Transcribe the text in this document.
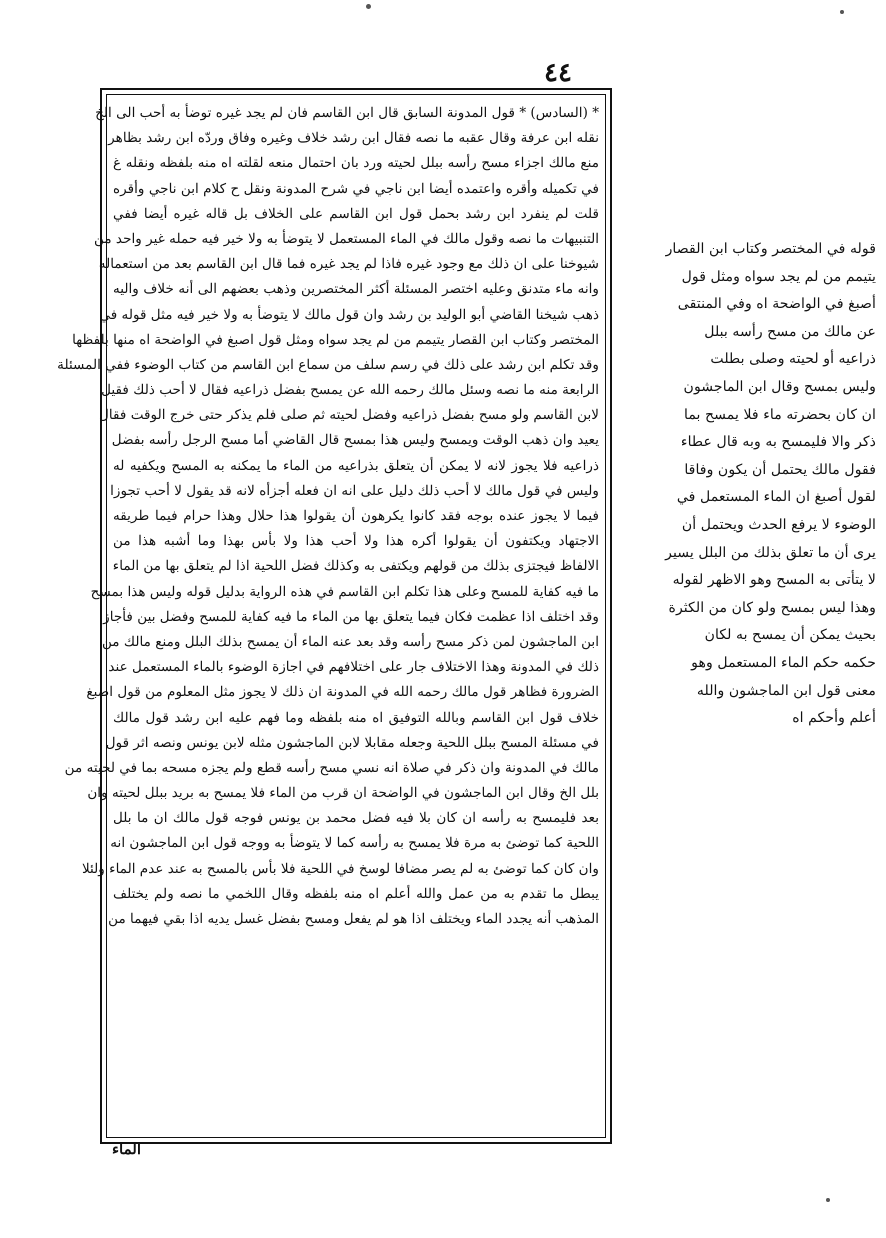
٤٤
* (السادس) * قول المدونة السابق قال ابن القاسم فان لم يجد غيره توضأ به أحب الى الخ
نقله ابن عرفة وقال عقبه ما نصه فقال ابن رشد خلاف وغيره وفاق وردّه ابن رشد بظاهر
منع مالك اجزاء مسح رأسه ببلل لحيته ورد بان احتمال منعه لقلته اه منه بلفظه ونقله غ
في تكميله وأقره واعتمده أيضا ابن ناجي في شرح المدونة ونقل ح كلام ابن ناجي وأقره
قلت لم ينفرد ابن رشد بحمل قول ابن القاسم على الخلاف بل قاله غيره أيضا ففي
التنبيهات ما نصه وقول مالك في الماء المستعمل لا يتوضأ به ولا خير فيه حمله غير واحد من
شيوخنا على ان ذلك مع وجود غيره فاذا لم يجد غيره فما قال ابن القاسم بعد من استعماله
وانه ماء متدنق وعليه اختصر المسئلة أكثر المختصرين وذهب بعضهم الى أنه خلاف واليه
ذهب شيخنا القاضي أبو الوليد بن رشد وان قول مالك لا يتوضأ به ولا خير فيه مثل قوله في
المختصر وكتاب ابن القصار يتيمم من لم يجد سواه ومثل قول اصبغ في الواضحة اه منها بلفظها
وقد تكلم ابن رشد على ذلك في رسم سلف من سماع ابن القاسم من كتاب الوضوء ففي المسئلة
الرابعة منه ما نصه وسئل مالك رحمه الله عن يمسح بفضل ذراعيه فقال لا أحب ذلك فقيل
لابن القاسم ولو مسح بفضل ذراعيه وفضل لحيته ثم صلى فلم يذكر حتى خرج الوقت فقال
يعيد وان ذهب الوقت ويمسح وليس هذا بمسح قال القاضي أما مسح الرجل رأسه بفضل
ذراعيه فلا يجوز لانه لا يمكن أن يتعلق بذراعيه من الماء ما يمكنه به المسح ويكفيه له
وليس في قول مالك لا أحب ذلك دليل على انه ان فعله أجزأه لانه قد يقول لا أحب تجوزا
فيما لا يجوز عنده بوجه فقد كانوا يكرهون أن يقولوا هذا حلال وهذا حرام فيما طريقه
الاجتهاد ويكتفون أن يقولوا أكره هذا ولا أحب هذا ولا بأس بهذا وما أشبه هذا من
الالفاظ فيجتزى بذلك من قولهم ويكتفى به وكذلك فضل اللحية اذا لم يتعلق بها من الماء
ما فيه كفاية للمسح وعلى هذا تكلم ابن القاسم في هذه الرواية بدليل قوله وليس هذا بمسح
وقد اختلف اذا عظمت فكان فيما يتعلق بها من الماء ما فيه كفاية للمسح وفضل بين فأجاز
ابن الماجشون لمن ذكر مسح رأسه وقد بعد عنه الماء أن يمسح بذلك البلل ومنع مالك من
ذلك في المدونة وهذا الاختلاف جار على اختلافهم في اجازة الوضوء بالماء المستعمل عند
الضرورة فظاهر قول مالك رحمه الله في المدونة ان ذلك لا يجوز مثل المعلوم من قول اصبغ
خلاف قول ابن القاسم وبالله التوفيق اه منه بلفظه وما فهم عليه ابن رشد قول مالك
في مسئلة المسح ببلل اللحية وجعله مقابلا لابن الماجشون مثله لابن يونس ونصه اثر قول
مالك في المدونة وان ذكر في صلاة انه نسي مسح رأسه قطع ولم يجزه مسحه بما في لحيته من
بلل الخ وقال ابن الماجشون في الواضحة ان قرب من الماء فلا يمسح به بريد ببلل لحيته وان
بعد فليمسح به رأسه ان كان بلا فيه فضل محمد بن يونس فوجه قول مالك ان ما بلل
اللحية كما توضئ به مرة فلا يمسح به رأسه كما لا يتوضأ به ووجه قول ابن الماجشون انه
وان كان كما توضئ به لم يصر مضافا لوسخ في اللحية فلا بأس بالمسح به عند عدم الماء ولئلا
يبطل ما تقدم به من عمل والله أعلم اه منه بلفظه وقال اللخمي ما نصه ولم يختلف
المذهب أنه يجدد الماء ويختلف اذا هو لم يفعل ومسح بفضل غسل يديه اذا بقي فيهما من
قوله في المختصر وكتاب ابن القصار
يتيمم من لم يجد سواه ومثل قول
أصبغ في الواضحة اه وفي المنتقى
عن مالك من مسح رأسه ببلل
ذراعيه أو لحيته وصلى بطلت
وليس بمسح وقال ابن الماجشون
ان كان بحضرته ماء فلا يمسح بما
ذكر والا فليمسح به وبه قال عطاء
فقول مالك يحتمل أن يكون وفاقا
لقول أصبغ ان الماء المستعمل في
الوضوء لا يرفع الحدث ويحتمل أن
يرى أن ما تعلق بذلك من البلل يسير
لا يتأتى به المسح وهو الاظهر لقوله
وهذا ليس بمسح ولو كان من الكثرة
بحيث يمكن أن يمسح به لكان
حكمه حكم الماء المستعمل وهو
معنى قول ابن الماجشون والله
أعلم وأحكم اه
الماء
